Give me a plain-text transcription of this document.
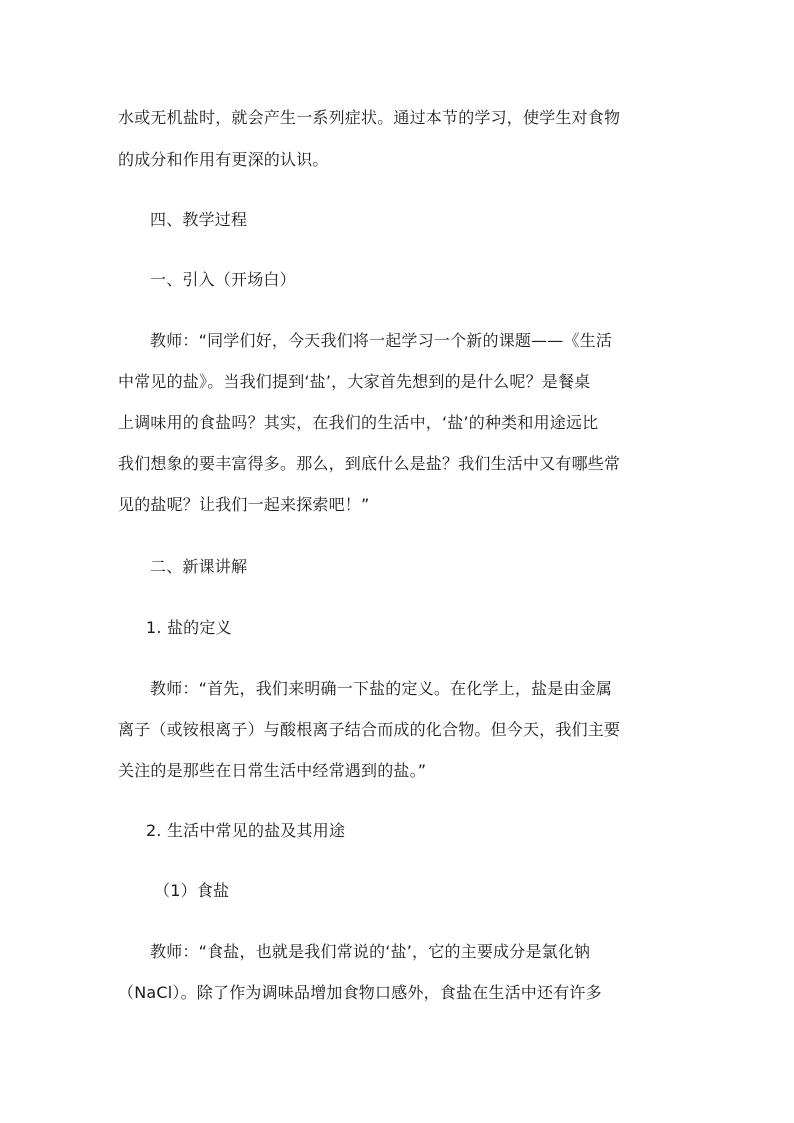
水或无机盐时，就会产生一系列症状。通过本节的学习，使学生对食物
的成分和作用有更深的认识。
四、教学过程
一、引入（开场白）
教师：“同学们好，今天我们将一起学习一个新的课题——《生活
中常见的盐》。当我们提到‘盐’，大家首先想到的是什么呢？是餐桌
上调味用的食盐吗？其实，在我们的生活中，‘盐’的种类和用途远比
我们想象的要丰富得多。那么，到底什么是盐？我们生活中又有哪些常
见的盐呢？让我们一起来探索吧！”
二、新课讲解
1. 盐的定义
教师：“首先，我们来明确一下盐的定义。在化学上，盐是由金属
离子（或铵根离子）与酸根离子结合而成的化合物。但今天，我们主要
关注的是那些在日常生活中经常遇到的盐。”
2. 生活中常见的盐及其用途
（1）食盐
教师：“食盐，也就是我们常说的‘盐’，它的主要成分是氯化钠
（NaCl）。除了作为调味品增加食物口感外，食盐在生活中还有许多
